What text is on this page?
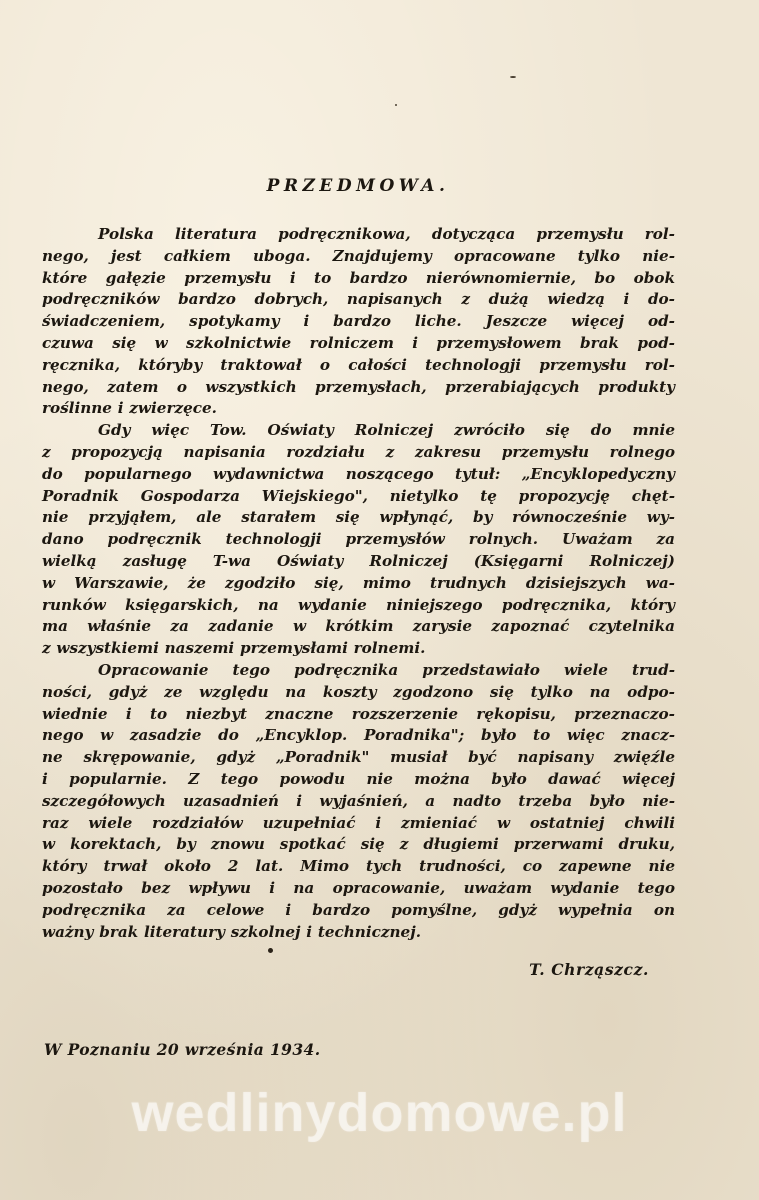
PRZEDMOWA.

Polska literatura podręcznikowa, dotycząca przemysłu rol-
nego, jest całkiem uboga. Znajdujemy opracowane tylko nie-
które gałęzie przemysłu i to bardzo nierównomiernie, bo obok
podręczników bardzo dobrych, napisanych z dużą wiedzą i do-
świadczeniem, spotykamy i bardzo liche. Jeszcze więcej od-
czuwa się w szkolnictwie rolniczem i przemysłowem brak pod-
ręcznika, któryby traktował o całości technologji przemysłu rol-
nego, zatem o wszystkich przemysłach, przerabiających produkty
roślinne i zwierzęce.

Gdy więc Tow. Oświaty Rolniczej zwróciło się do mnie
z propozycją napisania rozdziału z zakresu przemysłu rolnego
do popularnego wydawnictwa noszącego tytuł: „Encyklopedyczny
Poradnik Gospodarza Wiejskiego", nietylko tę propozycję chęt-
nie przyjąłem, ale starałem się wpłynąć, by równocześnie wy-
dano podręcznik technologji przemysłów rolnych. Uważam za
wielką zasługę T-wa Oświaty Rolniczej (Księgarni Rolniczej)
w Warszawie, że zgodziło się, mimo trudnych dzisiejszych wa-
runków księgarskich, na wydanie niniejszego podręcznika, który
ma właśnie za zadanie w krótkim zarysie zapoznać czytelnika
z wszystkiemi naszemi przemysłami rolnemi.

Opracowanie tego podręcznika przedstawiało wiele trud-
ności, gdyż ze względu na koszty zgodzono się tylko na odpo-
wiednie i to niezbyt znaczne rozszerzenie rękopisu, przeznaczo-
nego w zasadzie do „Encyklop. Poradnika"; było to więc znacz-
ne skrępowanie, gdyż „Poradnik" musiał być napisany zwięźle
i popularnie. Z tego powodu nie można było dawać więcej
szczegółowych uzasadnień i wyjaśnień, a nadto trzeba było nie-
raz wiele rozdziałów uzupełniać i zmieniać w ostatniej chwili
w korektach, by znowu spotkać się z długiemi przerwami druku,
który trwał około 2 lat. Mimo tych trudności, co zapewne nie
pozostało bez wpływu i na opracowanie, uważam wydanie tego
podręcznika za celowe i bardzo pomyślne, gdyż wypełnia on
ważny brak literatury szkolnej i technicznej.

T. Chrząszcz.

W Poznaniu 20 września 1934.

wedlinydomowe.pl
